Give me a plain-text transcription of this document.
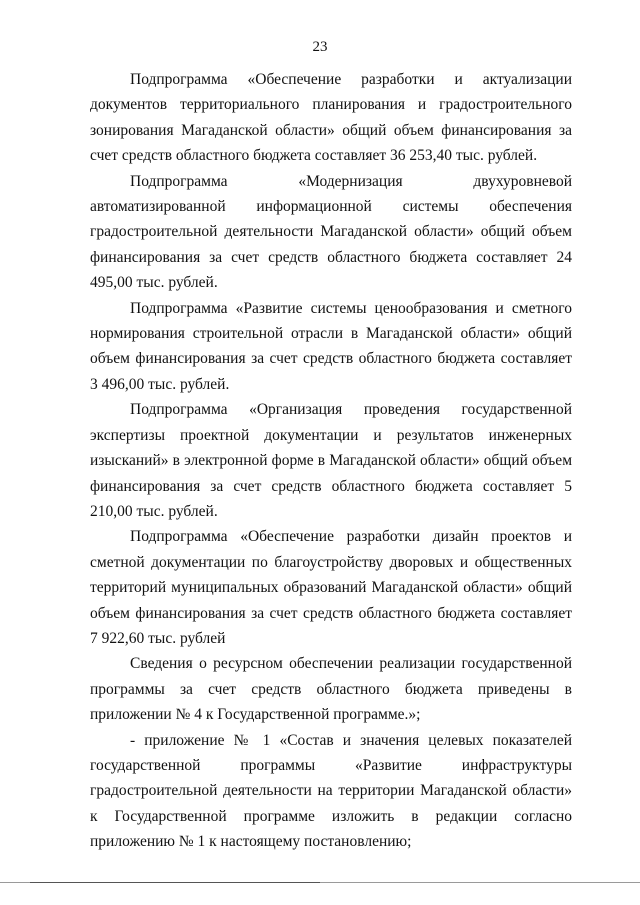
23

Подпрограмма «Обеспечение разработки и актуализации документов территориального планирования и градостроительного зонирования Магаданской области» общий объем финансирования за счет средств областного бюджета составляет 36 253,40 тыс. рублей.

Подпрограмма «Модернизация двухуровневой автоматизированной информационной системы обеспечения градостроительной деятельности Магаданской области» общий объем финансирования за счет средств областного бюджета составляет 24 495,00 тыс. рублей.

Подпрограмма «Развитие системы ценообразования и сметного нормирования строительной отрасли в Магаданской области» общий объем финансирования за счет средств областного бюджета составляет 3 496,00 тыс. рублей.

Подпрограмма «Организация проведения государственной экспертизы проектной документации и результатов инженерных изысканий» в электронной форме в Магаданской области» общий объем финансирования за счет средств областного бюджета составляет 5 210,00 тыс. рублей.

Подпрограмма «Обеспечение разработки дизайн проектов и сметной документации по благоустройству дворовых и общественных территорий муниципальных образований Магаданской области» общий объем финансирования за счет средств областного бюджета составляет 7 922,60 тыс. рублей

Сведения о ресурсном обеспечении реализации государственной программы за счет средств областного бюджета приведены в приложении № 4 к Государственной программе.»;

- приложение № 1 «Состав и значения целевых показателей государственной программы «Развитие инфраструктуры градостроительной деятельности на территории Магаданской области» к Государственной программе изложить в редакции согласно приложению № 1 к настоящему постановлению;
